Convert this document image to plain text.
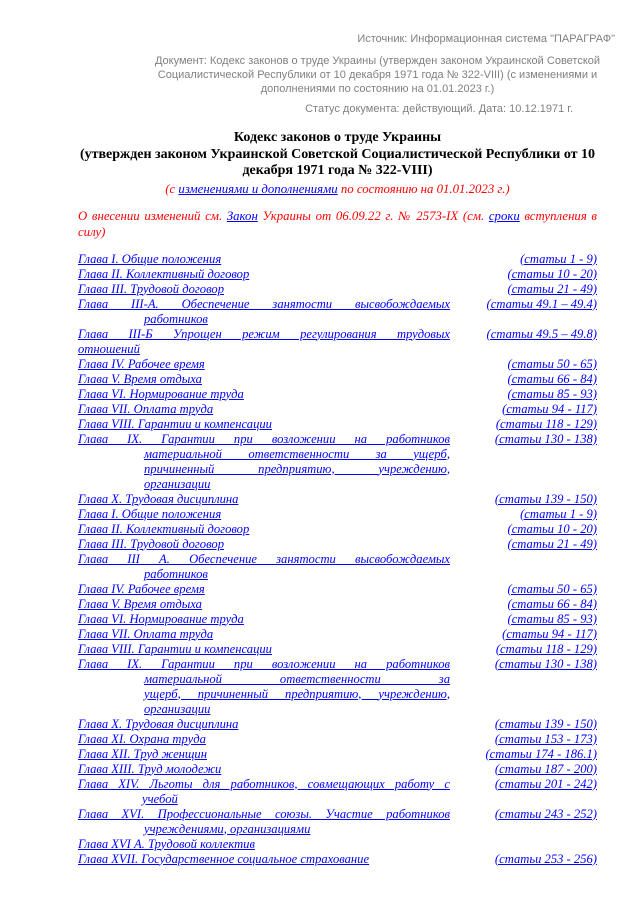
Источник: Информационная система "ПАРАГРАФ"
Документ: Кодекс законов о труде Украины (утвержден законом Украинской Советской Социалистической Республики от 10 декабря 1971 года № 322-VIII) (с изменениями и дополнениями по состоянию на 01.01.2023 г.)
Статус документа: действующий. Дата: 10.12.1971 г.
Кодекс законов о труде Украины
(утвержден законом Украинской Советской Социалистической Республики от 10
декабря 1971 года № 322-VIII)
(с изменениями и дополнениями по состоянию на 01.01.2023 г.)
О внесении изменений см. Закон Украины от 06.09.22 г. № 2573-IX (см. сроки вступления в
силу)
Глава I. Общие положения	(статьи 1 - 9)
Глава II. Коллективный договор	(статьи 10 - 20)
Глава III. Трудовой договор	(статьи 21 - 49)
Глава III-А. Обеспечение занятости высвобождаемых
работников
(статьи 49.1 – 49.4)
Глава III-Б Упрощен режим регулирования трудовых
отношений
(статьи 49.5 – 49.8)
Глава IV. Рабочее время	(статьи 50 - 65)
Глава V. Время отдыха	(статьи 66 - 84)
Глава VI. Нормирование труда	(статьи 85 - 93)
Глава VII. Оплата труда	(статьи 94 - 117)
Глава VIII. Гарантии и компенсации	(статьи 118 - 129)
Глава IX. Гарантии при возложении на работников
материальной ответственности за ущерб,
причиненный предприятию, учреждению,
организации
(статьи 130 - 138)
Глава X. Трудовая дисциплина	(статьи 139 - 150)
Глава I. Общие положения	(статьи 1 - 9)
Глава II. Коллективный договор	(статьи 10 - 20)
Глава III. Трудовой договор	(статьи 21 - 49)
Глава III А. Обеспечение занятости высвобождаемых
работников
Глава IV. Рабочее время	(статьи 50 - 65)
Глава V. Время отдыха	(статьи 66 - 84)
Глава VI. Нормирование труда	(статьи 85 - 93)
Глава VII. Оплата труда	(статьи 94 - 117)
Глава VIII. Гарантии и компенсации	(статьи 118 - 129)
Глава IX. Гарантии при возложении на работников
материальной ответственности за
ущерб, причиненный предприятию, учреждению,
организации
(статьи 130 - 138)
Глава X. Трудовая дисциплина	(статьи 139 - 150)
Глава XI. Охрана труда	(статьи 153 - 173)
Глава XII. Труд женщин	(статьи 174 - 186.1)
Глава XIII. Труд молодежи	(статьи 187 - 200)
Глава XIV. Льготы для работников, совмещающих работу с
учебой
(статьи 201 - 242)
Глава XVI. Профессиональные союзы. Участие работников
учреждениями, организациями
(статьи 243 - 252)
Глава XVI А. Трудовой коллектив
Глава XVII. Государственное социальное страхование	(статьи 253 - 256)
